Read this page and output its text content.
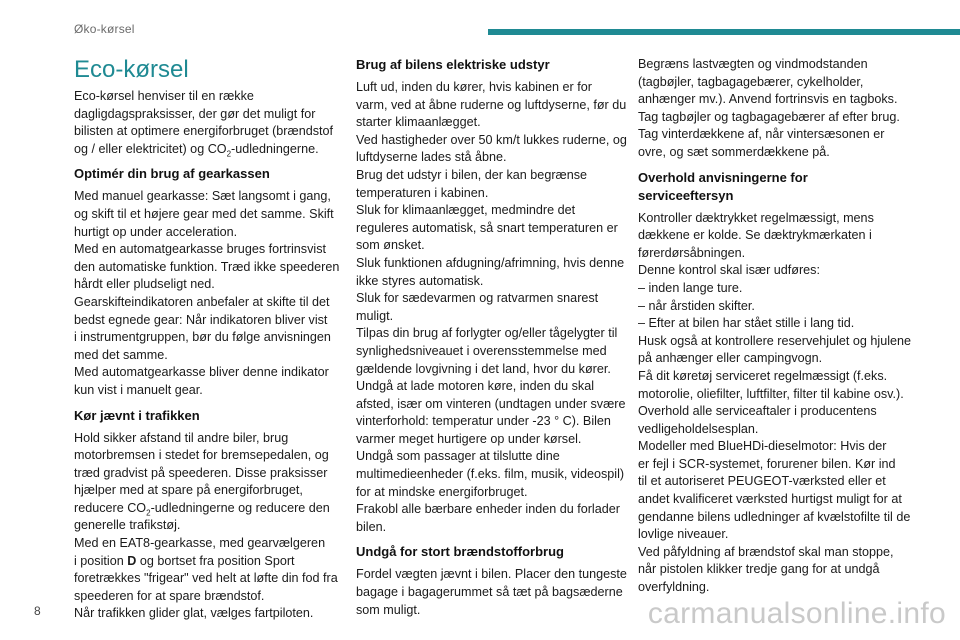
Øko-kørsel
Eco-kørsel

Eco-kørsel henviser til en række

dagligdagspraksisser, der gør det muligt for

bilisten at optimere energiforbruget (brændstof

og / eller elektricitet) og $CO_2$-udledningerne.

Optimér din brug af gearkassen

Med manuel gearkasse: Sæt langsomt i gang,

og skift til et højere gear med det samme. Skift

hurtigt op under acceleration.

Med en automatgearkasse bruges fortrinsvist

den automatiske funktion. Træd ikke speederen

hårdt eller pludseligt ned.

Gearskifteindikatoren anbefaler at skifte til det

bedst egnede gear: Når indikatoren bliver vist

i instrumentgruppen, bør du følge anvisningen

med det samme.

Med automatgearkasse bliver denne indikator

kun vist i manuelt gear.

Kør jævnt i trafikken

Hold sikker afstand til andre biler, brug

motorbremsen i stedet for bremsepedalen, og

træd gradvist på speederen. Disse praksisser

hjælper med at spare på energiforbruget,

reducere $CO_2$-udledningerne og reducere den

generelle trafikstøj.

Med en EAT8-gearkasse, med gearvælgeren

i position D og bortset fra position Sport

foretrækkes "frigear" ved helt at løfte din fod fra

speederen for at spare brændstof.

Når trafikken glider glat, vælges fartpiloten.

Brug af bilens elektriske udstyr

Luft ud, inden du kører, hvis kabinen er for

varm, ved at åbne ruderne og luftdyserne, før du

starter klimaanlægget.

Ved hastigheder over 50 km/t lukkes ruderne, og

luftdyserne lades stå åbne.

Brug det udstyr i bilen, der kan begrænse

temperaturen i kabinen.

Sluk for klimaanlægget, medmindre det

reguleres automatisk, så snart temperaturen er

som ønsket.

Sluk funktionen afdugning/afrimning, hvis denne

ikke styres automatisk.

Sluk for sædevarmen og ratvarmen snarest

muligt.

Tilpas din brug af forlygter og/eller tågelygter til

synlighedsniveauet i overensstemmelse med

gældende lovgivning i det land, hvor du kører.

Undgå at lade motoren køre, inden du skal

afsted, især om vinteren (undtagen under svære

vinterforhold: temperatur under -23 ° C). Bilen

varmer meget hurtigere op under kørsel.

Undgå som passager at tilslutte dine

multimedieenheder (f.eks. film, musik, videospil)

for at mindske energiforbruget.

Frakobl alle bærbare enheder inden du forlader

bilen.

Undgå for stort brændstofforbrug

Fordel vægten jævnt i bilen. Placer den tungeste

bagage i bagagerummet så tæt på bagsæderne

som muligt.

Begræns lastvægten og vindmodstanden

(tagbøjler, tagbagagebærer, cykelholder,

anhænger mv.). Anvend fortrinsvis en tagboks.

Tag tagbøjler og tagbagagebærer af efter brug.

Tag vinterdækkene af, når vintersæsonen er

ovre, og sæt sommerdækkene på.

Overhold anvisningerne for
serviceeftersyn

Kontroller dæktrykket regelmæssigt, mens

dækkene er kolde. Se dæktrykmærkaten i

førerdørsåbningen.

Denne kontrol skal især udføres:

– inden lange ture.

– når årstiden skifter.

– Efter at bilen har stået stille i lang tid.

Husk også at kontrollere reservehjulet og hjulene

på anhænger eller campingvogn.

Få dit køretøj serviceret regelmæssigt (f.eks.

motorolie, oliefilter, luftfilter, filter til kabine osv.).

Overhold alle serviceaftaler i producentens

vedligeholdelsesplan.

Modeller med BlueHDi-dieselmotor: Hvis der

er fejl i SCR-systemet, forurener bilen. Kør ind

til et autoriseret PEUGEOT-værksted eller et

andet kvalificeret værksted hurtigst muligt for at

gendanne bilens udledninger af kvælstofilte til de

lovlige niveauer.

Ved påfyldning af brændstof skal man stoppe,

når pistolen klikker tredje gang for at undgå

overfyldning.

8	carmanualsonline.info
